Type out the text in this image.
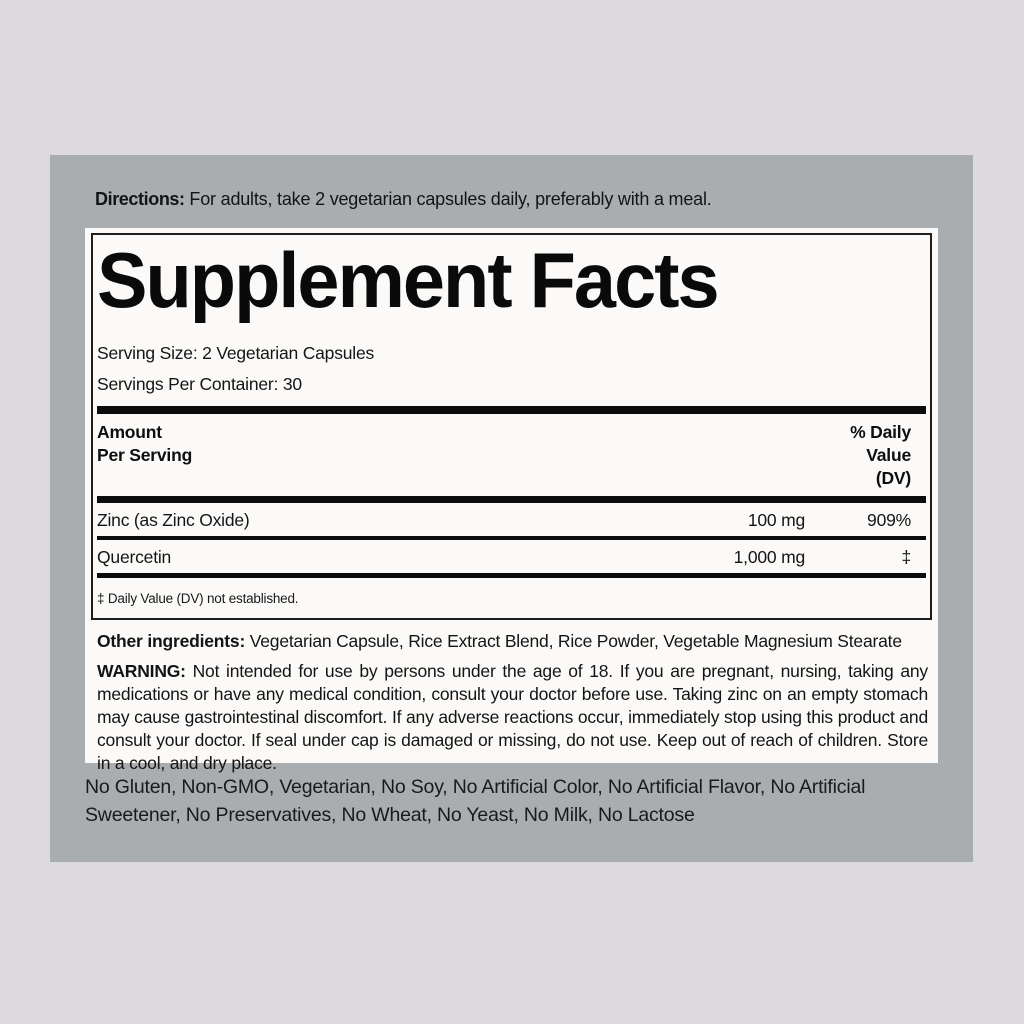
Directions: For adults, take 2 vegetarian capsules daily, preferably with a meal.
Supplement Facts
Serving Size: 2 Vegetarian Capsules
Servings Per Container: 30
Amount
Per Serving
% Daily
Value
(DV)
Zinc (as Zinc Oxide)	100 mg	909%
Quercetin	1,000 mg	‡
‡ Daily Value (DV) not established.
Other ingredients: Vegetarian Capsule, Rice Extract Blend, Rice Powder, Vegetable Magnesium Stearate
WARNING: Not intended for use by persons under the age of 18. If you are pregnant, nursing, taking any medications or have any medical condition, consult your doctor before use. Taking zinc on an empty stomach may cause gastrointestinal discomfort. If any adverse reactions occur, immediately stop using this product and consult your doctor. If seal under cap is damaged or missing, do not use. Keep out of reach of children. Store in a cool, and dry place.
No Gluten, Non-GMO, Vegetarian, No Soy, No Artificial Color, No Artificial Flavor, No Artificial Sweetener, No Preservatives, No Wheat, No Yeast, No Milk, No Lactose
